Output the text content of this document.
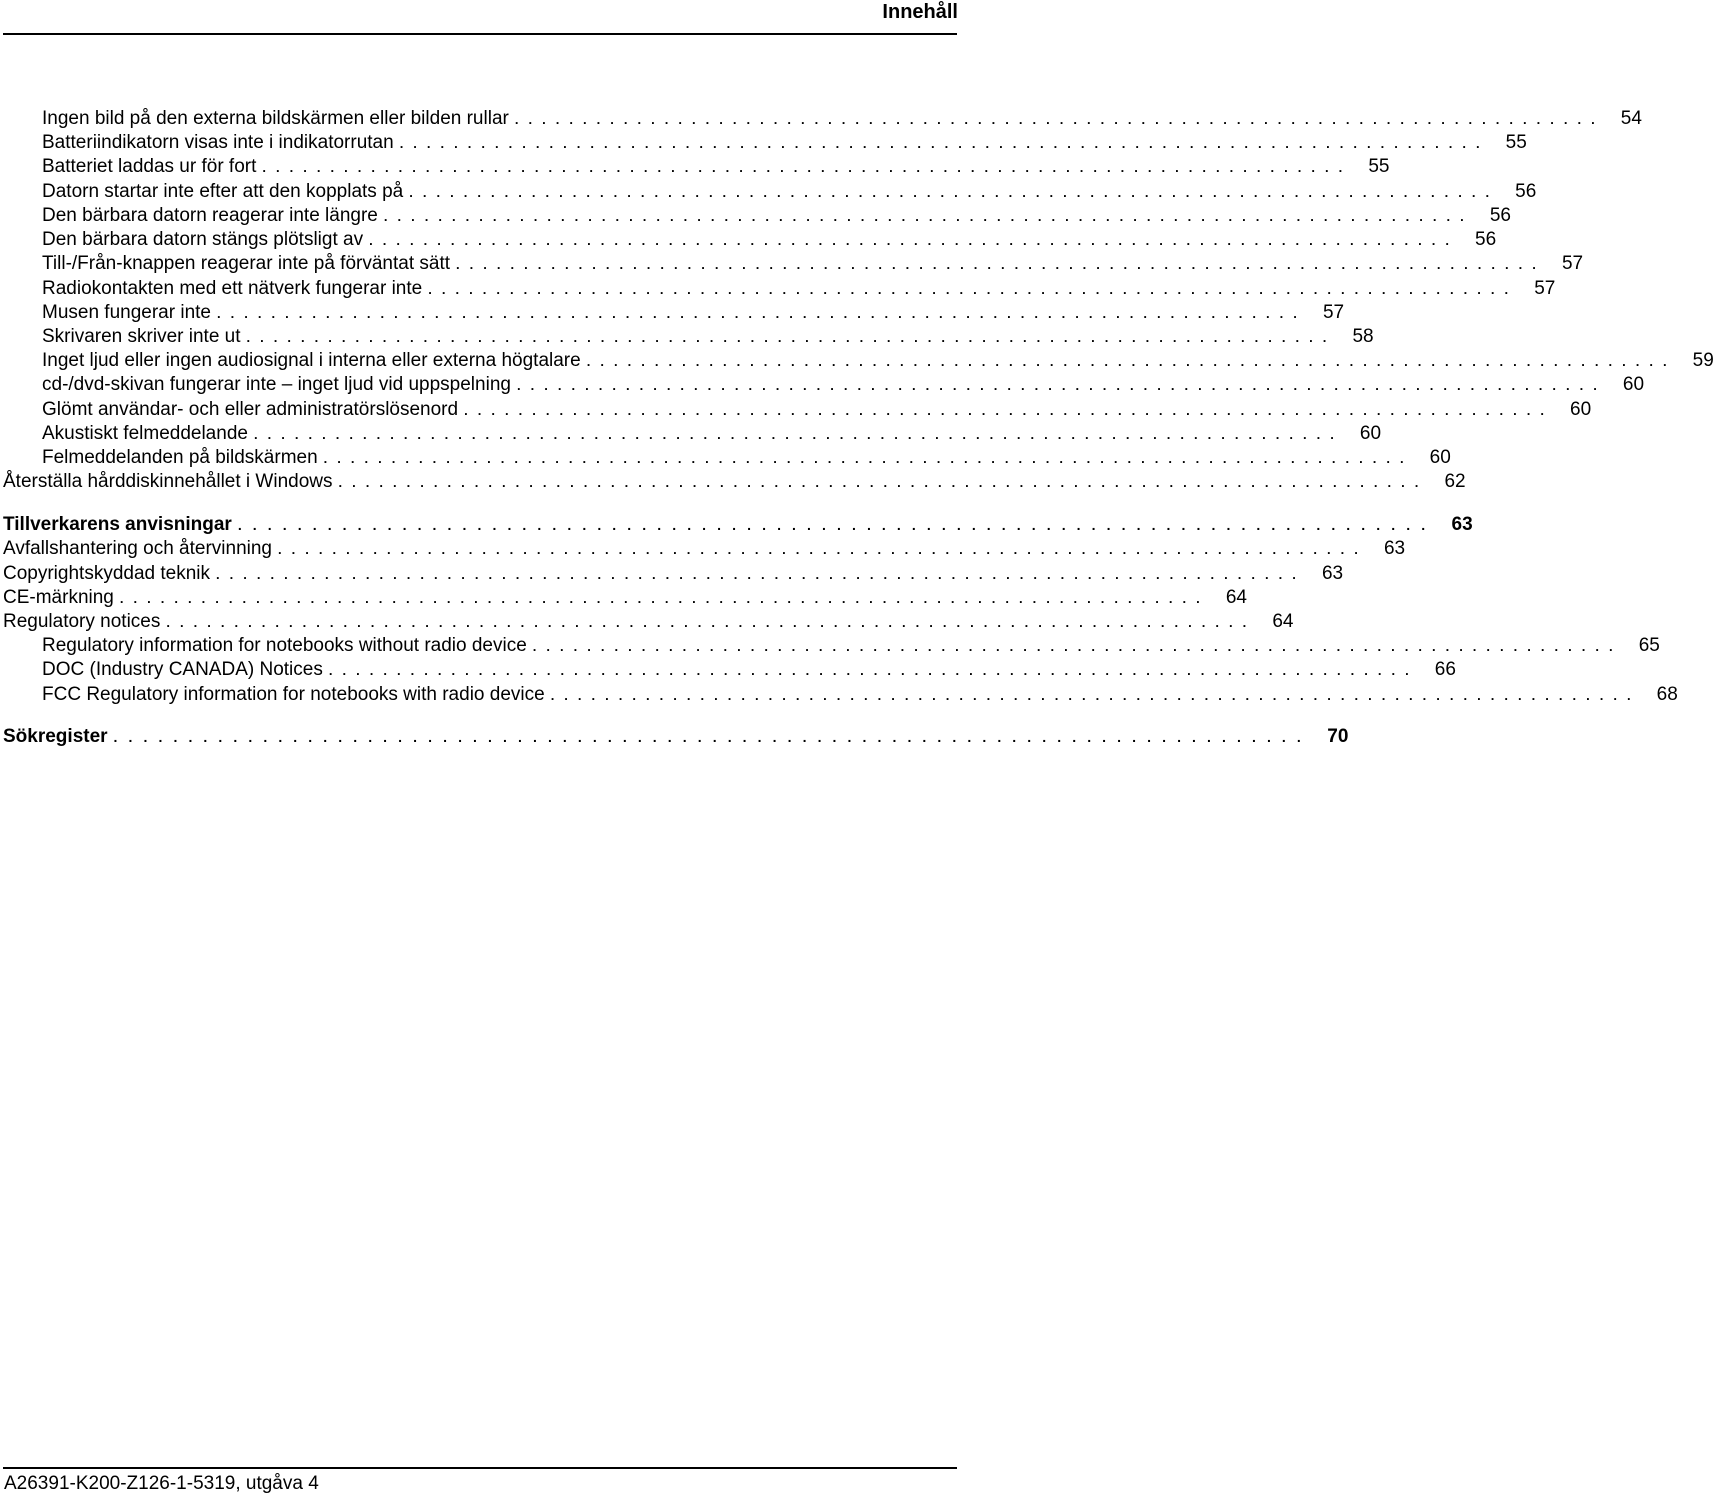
Innehåll
Ingen bild på den externa bildskärmen eller bilden rullar . . . . . . . . . . . . . . . . . . . . . . . . . . . . . . . . . . . . . . . . . . . . . . . . . . . . . . . . . . . . . . . . . . . . . . . . . . . . . . . .	54
Batteriindikatorn visas inte i indikatorrutan . . . . . . . . . . . . . . . . . . . . . . . . . . . . . . . . . . . . . . . . . . . . . . . . . . . . . . . . . . . . . . . . . . . . . . . . . . . . . . . .	55
Batteriet laddas ur för fort . . . . . . . . . . . . . . . . . . . . . . . . . . . . . . . . . . . . . . . . . . . . . . . . . . . . . . . . . . . . . . . . . . . . . . . . . . . . . . . .	55
Datorn startar inte efter att den kopplats på . . . . . . . . . . . . . . . . . . . . . . . . . . . . . . . . . . . . . . . . . . . . . . . . . . . . . . . . . . . . . . . . . . . . . . . . . . . . . . . .	56
Den bärbara datorn reagerar inte längre . . . . . . . . . . . . . . . . . . . . . . . . . . . . . . . . . . . . . . . . . . . . . . . . . . . . . . . . . . . . . . . . . . . . . . . . . . . . . . . .	56
Den bärbara datorn stängs plötsligt av . . . . . . . . . . . . . . . . . . . . . . . . . . . . . . . . . . . . . . . . . . . . . . . . . . . . . . . . . . . . . . . . . . . . . . . . . . . . . . . .	56
Till-/Från-knappen reagerar inte på förväntat sätt . . . . . . . . . . . . . . . . . . . . . . . . . . . . . . . . . . . . . . . . . . . . . . . . . . . . . . . . . . . . . . . . . . . . . . . . . . . . . . . .	57
Radiokontakten med ett nätverk fungerar inte . . . . . . . . . . . . . . . . . . . . . . . . . . . . . . . . . . . . . . . . . . . . . . . . . . . . . . . . . . . . . . . . . . . . . . . . . . . . . . . .	57
Musen fungerar inte . . . . . . . . . . . . . . . . . . . . . . . . . . . . . . . . . . . . . . . . . . . . . . . . . . . . . . . . . . . . . . . . . . . . . . . . . . . . . . . .	57
Skrivaren skriver inte ut . . . . . . . . . . . . . . . . . . . . . . . . . . . . . . . . . . . . . . . . . . . . . . . . . . . . . . . . . . . . . . . . . . . . . . . . . . . . . . . .	58
Inget ljud eller ingen audiosignal i interna eller externa högtalare . . . . . . . . . . . . . . . . . . . . . . . . . . . . . . . . . . . . . . . . . . . . . . . . . . . . . . . . . . . . . . . . . . . . . . . . . . . . . . . .	59
cd-/dvd-skivan fungerar inte – inget ljud vid uppspelning . . . . . . . . . . . . . . . . . . . . . . . . . . . . . . . . . . . . . . . . . . . . . . . . . . . . . . . . . . . . . . . . . . . . . . . . . . . . . . . .	60
Glömt användar- och eller administratörslösenord . . . . . . . . . . . . . . . . . . . . . . . . . . . . . . . . . . . . . . . . . . . . . . . . . . . . . . . . . . . . . . . . . . . . . . . . . . . . . . . .	60
Akustiskt felmeddelande . . . . . . . . . . . . . . . . . . . . . . . . . . . . . . . . . . . . . . . . . . . . . . . . . . . . . . . . . . . . . . . . . . . . . . . . . . . . . . . .	60
Felmeddelanden på bildskärmen . . . . . . . . . . . . . . . . . . . . . . . . . . . . . . . . . . . . . . . . . . . . . . . . . . . . . . . . . . . . . . . . . . . . . . . . . . . . . . . .	60
Återställa hårddiskinnehållet i Windows . . . . . . . . . . . . . . . . . . . . . . . . . . . . . . . . . . . . . . . . . . . . . . . . . . . . . . . . . . . . . . . . . . . . . . . . . . . . . . . .	62
Tillverkarens anvisningar . . . . . . . . . . . . . . . . . . . . . . . . . . . . . . . . . . . . . . . . . . . . . . . . . . . . . . . . . . . . . . . . . . . . . . . . . . . . . . . .	63
Avfallshantering och återvinning . . . . . . . . . . . . . . . . . . . . . . . . . . . . . . . . . . . . . . . . . . . . . . . . . . . . . . . . . . . . . . . . . . . . . . . . . . . . . . . .	63
Copyrightskyddad teknik . . . . . . . . . . . . . . . . . . . . . . . . . . . . . . . . . . . . . . . . . . . . . . . . . . . . . . . . . . . . . . . . . . . . . . . . . . . . . . . .	63
CE-märkning . . . . . . . . . . . . . . . . . . . . . . . . . . . . . . . . . . . . . . . . . . . . . . . . . . . . . . . . . . . . . . . . . . . . . . . . . . . . . . . .	64
Regulatory notices . . . . . . . . . . . . . . . . . . . . . . . . . . . . . . . . . . . . . . . . . . . . . . . . . . . . . . . . . . . . . . . . . . . . . . . . . . . . . . . .	64
Regulatory information for notebooks without radio device . . . . . . . . . . . . . . . . . . . . . . . . . . . . . . . . . . . . . . . . . . . . . . . . . . . . . . . . . . . . . . . . . . . . . . . . . . . . . . . .	65
DOC (Industry CANADA) Notices . . . . . . . . . . . . . . . . . . . . . . . . . . . . . . . . . . . . . . . . . . . . . . . . . . . . . . . . . . . . . . . . . . . . . . . . . . . . . . . .	66
FCC Regulatory information for notebooks with radio device . . . . . . . . . . . . . . . . . . . . . . . . . . . . . . . . . . . . . . . . . . . . . . . . . . . . . . . . . . . . . . . . . . . . . . . . . . . . . . . .	68
Sökregister . . . . . . . . . . . . . . . . . . . . . . . . . . . . . . . . . . . . . . . . . . . . . . . . . . . . . . . . . . . . . . . . . . . . . . . . . . . . . . . .	70
A26391-K200-Z126-1-5319, utgåva 4
